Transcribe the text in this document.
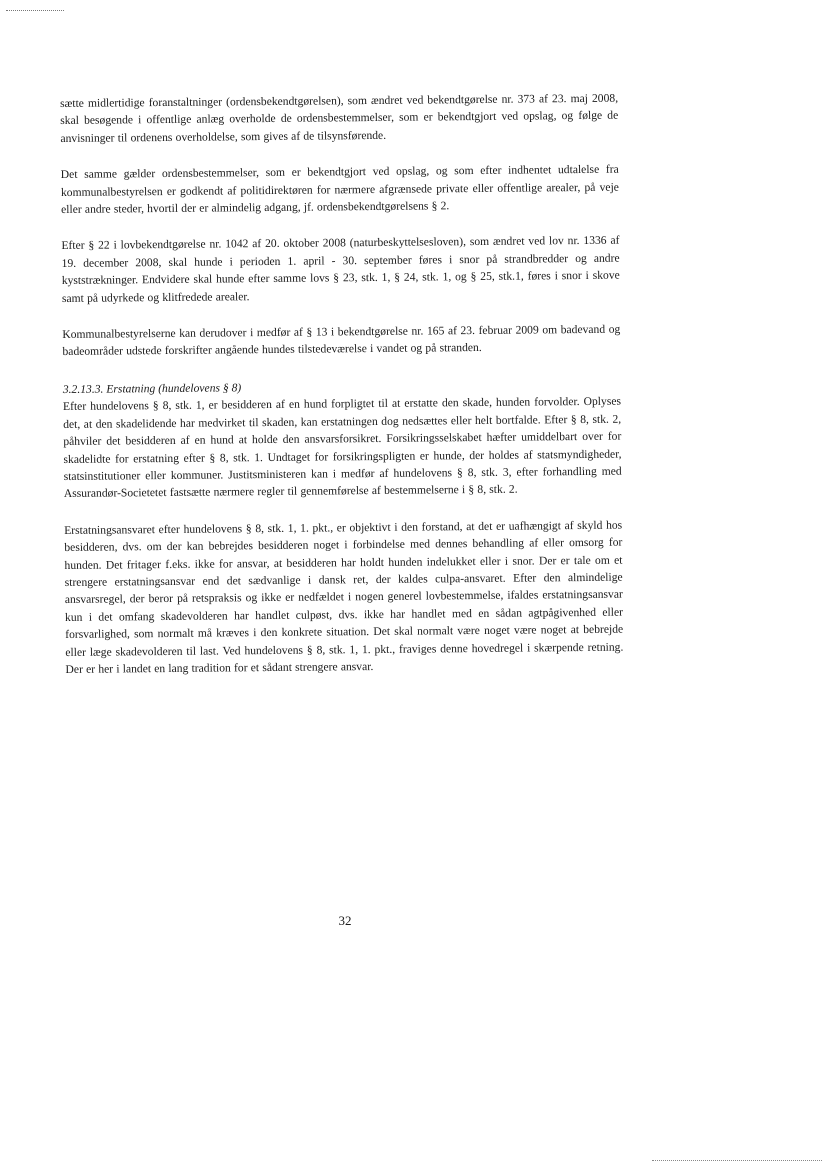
sætte midlertidige foranstaltninger (ordensbekendtgørelsen), som ændret ved bekendtgørelse nr. 373 af 23. maj 2008, skal besøgende i offentlige anlæg overholde de ordensbestemmelser, som er bekendtgjort ved opslag, og følge de anvisninger til ordenens overholdelse, som gives af de tilsynsførende.

Det samme gælder ordensbestemmelser, som er bekendtgjort ved opslag, og som efter indhentet udtalelse fra kommunalbestyrelsen er godkendt af politidirektøren for nærmere afgrænsede private eller offentlige arealer, på veje eller andre steder, hvortil der er almindelig adgang, jf. ordensbekendtgørelsens § 2.

Efter § 22 i lovbekendtgørelse nr. 1042 af 20. oktober 2008 (naturbeskyttelsesloven), som ændret ved lov nr. 1336 af 19. december 2008, skal hunde i perioden 1. april - 30. september føres i snor på strandbredder og andre kyststrækninger. Endvidere skal hunde efter samme lovs § 23, stk. 1, § 24, stk. 1, og § 25, stk.1, føres i snor i skove samt på udyrkede og klitfredede arealer.

Kommunalbestyrelserne kan derudover i medfør af § 13 i bekendtgørelse nr. 165 af 23. februar 2009 om badevand og badeområder udstede forskrifter angående hundes tilstedeværelse i vandet og på stranden.

3.2.13.3. Erstatning (hundelovens § 8)

Efter hundelovens § 8, stk. 1, er besidderen af en hund forpligtet til at erstatte den skade, hunden forvolder. Oplyses det, at den skadelidende har medvirket til skaden, kan erstatningen dog nedsættes eller helt bortfalde. Efter § 8, stk. 2, påhviler det besidderen af en hund at holde den ansvarsforsikret. Forsikringsselskabet hæfter umiddelbart over for skadelidte for erstatning efter § 8, stk. 1. Undtaget for forsikringspligten er hunde, der holdes af statsmyndigheder, statsinstitutioner eller kommuner. Justitsministeren kan i medfør af hundelovens § 8, stk. 3, efter forhandling med Assurandør-Societetet fastsætte nærmere regler til gennemførelse af bestemmelserne i § 8, stk. 2.

Erstatningsansvaret efter hundelovens § 8, stk. 1, 1. pkt., er objektivt i den forstand, at det er uafhængigt af skyld hos besidderen, dvs. om der kan bebrejdes besidderen noget i forbindelse med dennes behandling af eller omsorg for hunden. Det fritager f.eks. ikke for ansvar, at besidderen har holdt hunden indelukket eller i snor. Der er tale om et strengere erstatningsansvar end det sædvanlige i dansk ret, der kaldes culpa-ansvaret. Efter den almindelige ansvarsregel, der beror på retspraksis og ikke er nedfældet i nogen generel lovbestemmelse, ifaldes erstatningsansvar kun i det omfang skadevolderen har handlet culpøst, dvs. ikke har handlet med en sådan agtpågivenhed eller forsvarlighed, som normalt må kræves i den konkrete situation. Det skal normalt være noget være noget at bebrejde eller læge skadevolderen til last. Ved hundelovens § 8, stk. 1, 1. pkt., fraviges denne hovedregel i skærpende retning. Der er her i landet en lang tradition for et sådant strengere ansvar.

32
